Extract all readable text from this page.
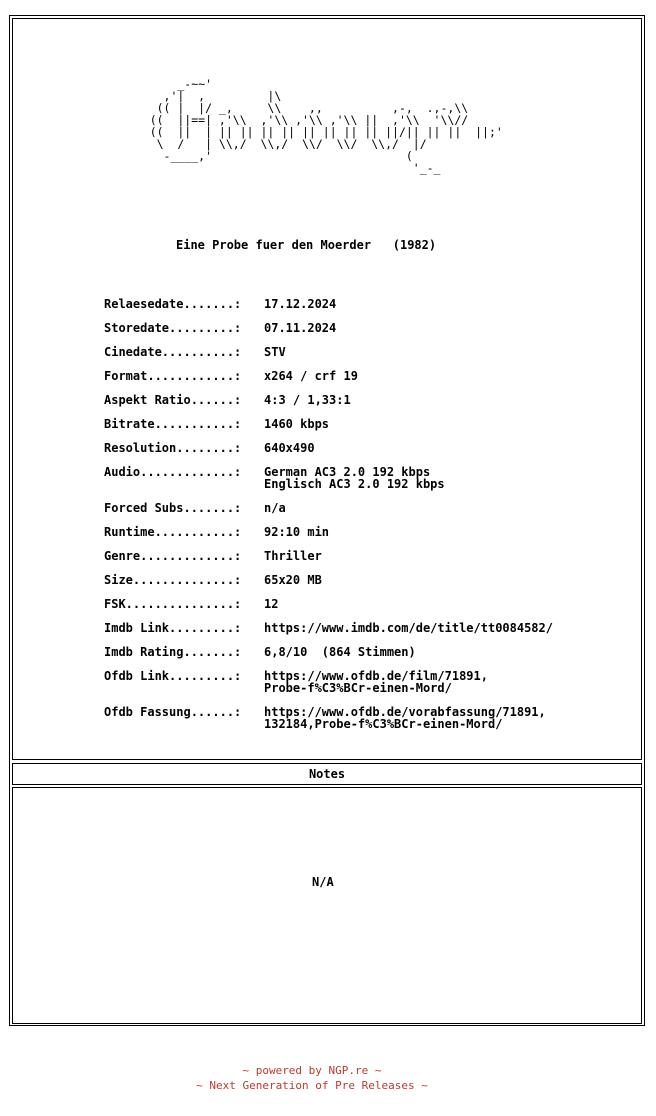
_-~~'
,'|  ,         |\
(( |  |/ _,     \\    ,,          ,-,  .,-,\\
((  ||==| ,'\\  ,'\\ ,'\\ ,'\\ ||  ,'\\  '\\//
((  ||  | || || || || || || || || ||/|| || ||  ||;'
\  /   | \\,/  \\,/  \\/  \\/  \\,/  |/
-____,'                            (
'_-_
Eine Probe fuer den Moerder   (1982)
Relaesedate.......:	17.12.2024
Storedate.........:	07.11.2024
Cinedate..........:	STV
Format............:	x264 / crf 19
Aspekt Ratio......:	4:3 / 1,33:1
Bitrate...........:	1460 kbps
Resolution........:	640x490
Audio.............:	German AC3 2.0 192 kbps
Englisch AC3 2.0 192 kbps
Forced Subs.......:	n/a
Runtime...........:	92:10 min
Genre.............:	Thriller
Size..............:	65x20 MB
FSK...............:	12
Imdb Link.........:	https://www.imdb.com/de/title/tt0084582/
Imdb Rating.......:	6,8/10  (864 Stimmen)
Ofdb Link.........:	https://www.ofdb.de/film/71891,
Probe-f%C3%BCr-einen-Mord/
Ofdb Fassung......:	https://www.ofdb.de/vorabfassung/71891,
132184,Probe-f%C3%BCr-einen-Mord/
Notes
N/A
~ powered by NGP.re ~
~ Next Generation of Pre Releases ~
